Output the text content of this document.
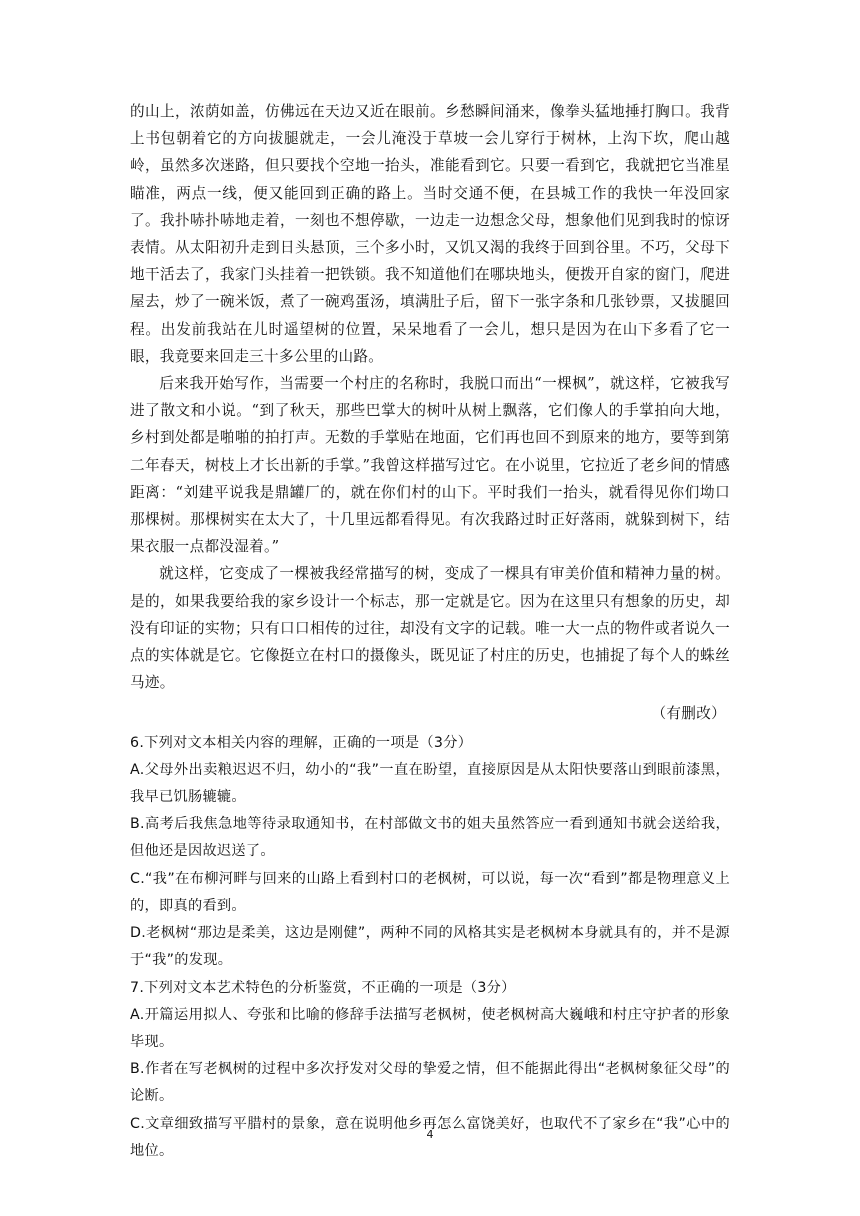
的山上，浓荫如盖，仿佛远在天边又近在眼前。乡愁瞬间涌来，像拳头猛地捶打胸口。我背上书包朝着它的方向拔腿就走，一会儿淹没于草坡一会儿穿行于树林，上沟下坎，爬山越岭，虽然多次迷路，但只要找个空地一抬头，准能看到它。只要一看到它，我就把它当准星瞄准，两点一线，便又能回到正确的路上。当时交通不便，在县城工作的我快一年没回家了。我扑哧扑哧地走着，一刻也不想停歇，一边走一边想念父母，想象他们见到我时的惊讶表情。从太阳初升走到日头悬顶，三个多小时，又饥又渴的我终于回到谷里。不巧，父母下地干活去了，我家门头挂着一把铁锁。我不知道他们在哪块地头，便拨开自家的窗门，爬进屋去，炒了一碗米饭，煮了一碗鸡蛋汤，填满肚子后，留下一张字条和几张钞票，又拔腿回程。出发前我站在儿时遥望树的位置，呆呆地看了一会儿，想只是因为在山下多看了它一眼，我竟要来回走三十多公里的山路。

后来我开始写作，当需要一个村庄的名称时，我脱口而出“一棵枫”，就这样，它被我写进了散文和小说。“到了秋天，那些巴掌大的树叶从树上飘落，它们像人的手掌拍向大地，乡村到处都是啪啪的拍打声。无数的手掌贴在地面，它们再也回不到原来的地方，要等到第二年春天，树枝上才长出新的手掌。”我曾这样描写过它。在小说里，它拉近了老乡间的情感距离：“刘建平说我是鼎罐厂的，就在你们村的山下。平时我们一抬头，就看得见你们坳口那棵树。那棵树实在太大了，十几里远都看得见。有次我路过时正好落雨，就躲到树下，结果衣服一点都没湿着。”

就这样，它变成了一棵被我经常描写的树，变成了一棵具有审美价值和精神力量的树。是的，如果我要给我的家乡设计一个标志，那一定就是它。因为在这里只有想象的历史，却没有印证的实物；只有口口相传的过往，却没有文字的记载。唯一大一点的物件或者说久一点的实体就是它。它像挺立在村口的摄像头，既见证了村庄的历史，也捕捉了每个人的蛛丝马迹。

（有删改）

6.下列对文本相关内容的理解，正确的一项是（3分）

A.父母外出卖粮迟迟不归，幼小的“我”一直在盼望，直接原因是从太阳快要落山到眼前漆黑，我早已饥肠辘辘。

B.高考后我焦急地等待录取通知书，在村部做文书的姐夫虽然答应一看到通知书就会送给我，但他还是因故迟送了。

C.“我”在布柳河畔与回来的山路上看到村口的老枫树，可以说，每一次“看到”都是物理意义上的，即真的看到。

D.老枫树“那边是柔美，这边是刚健”，两种不同的风格其实是老枫树本身就具有的，并不是源于“我”的发现。

7.下列对文本艺术特色的分析鉴赏，不正确的一项是（3分）

A.开篇运用拟人、夸张和比喻的修辞手法描写老枫树，使老枫树高大巍峨和村庄守护者的形象毕现。

B.作者在写老枫树的过程中多次抒发对父母的挚爱之情，但不能据此得出“老枫树象征父母”的论断。

C.文章细致描写平腊村的景象，意在说明他乡再怎么富饶美好，也取代不了家乡在“我”心中的地位。

4
